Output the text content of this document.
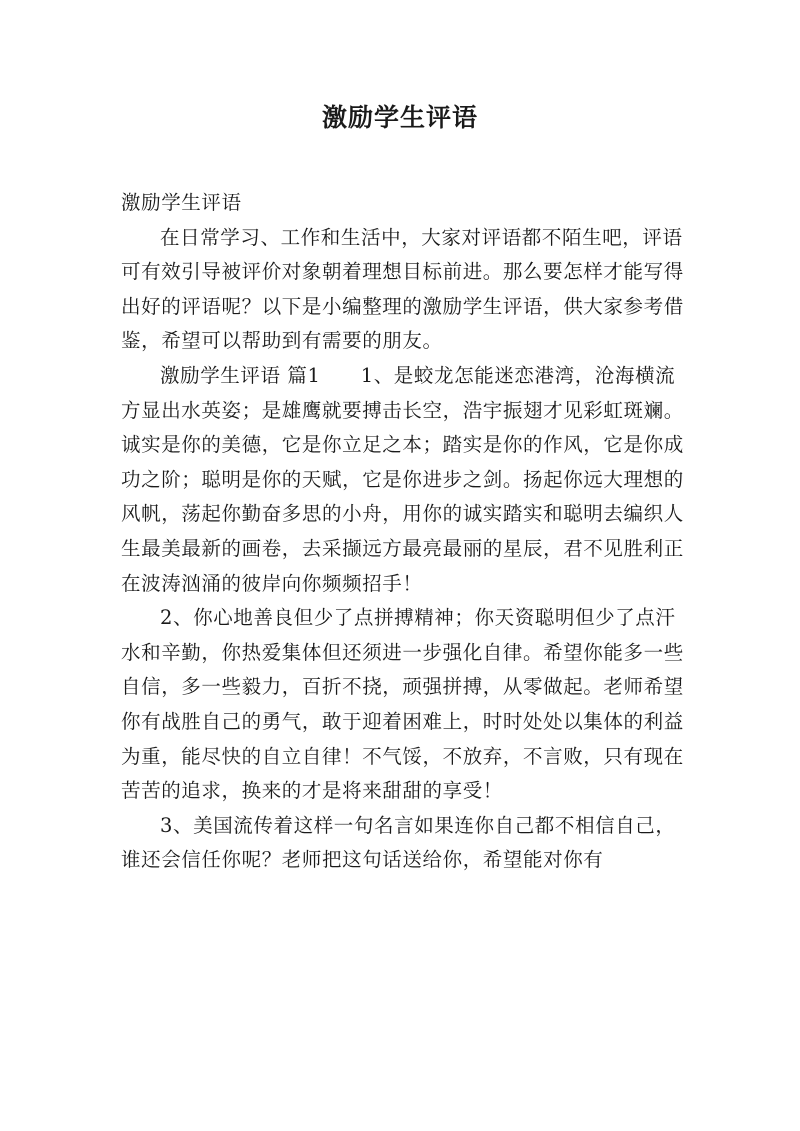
激励学生评语

激励学生评语

在日常学习、工作和生活中，大家对评语都不陌生吧，评语可有效引导被评价对象朝着理想目标前进。那么要怎样才能写得出好的评语呢？以下是小编整理的激励学生评语，供大家参考借鉴，希望可以帮助到有需要的朋友。

激励学生评语 篇1　　1、是蛟龙怎能迷恋港湾，沧海横流方显出水英姿；是雄鹰就要搏击长空，浩宇振翅才见彩虹斑斓。诚实是你的美德，它是你立足之本；踏实是你的作风，它是你成功之阶；聪明是你的天赋，它是你进步之剑。扬起你远大理想的风帆，荡起你勤奋多思的小舟，用你的诚实踏实和聪明去编织人生最美最新的画卷，去采撷远方最亮最丽的星辰，君不见胜利正在波涛汹涌的彼岸向你频频招手！

2、你心地善良但少了点拼搏精神；你天资聪明但少了点汗水和辛勤，你热爱集体但还须进一步强化自律。希望你能多一些自信，多一些毅力，百折不挠，顽强拼搏，从零做起。老师希望你有战胜自己的勇气，敢于迎着困难上，时时处处以集体的利益为重，能尽快的自立自律！不气馁，不放弃，不言败，只有现在苦苦的追求，换来的才是将来甜甜的享受！

3、美国流传着这样一句名言如果连你自己都不相信自己，谁还会信任你呢？老师把这句话送给你，希望能对你有
